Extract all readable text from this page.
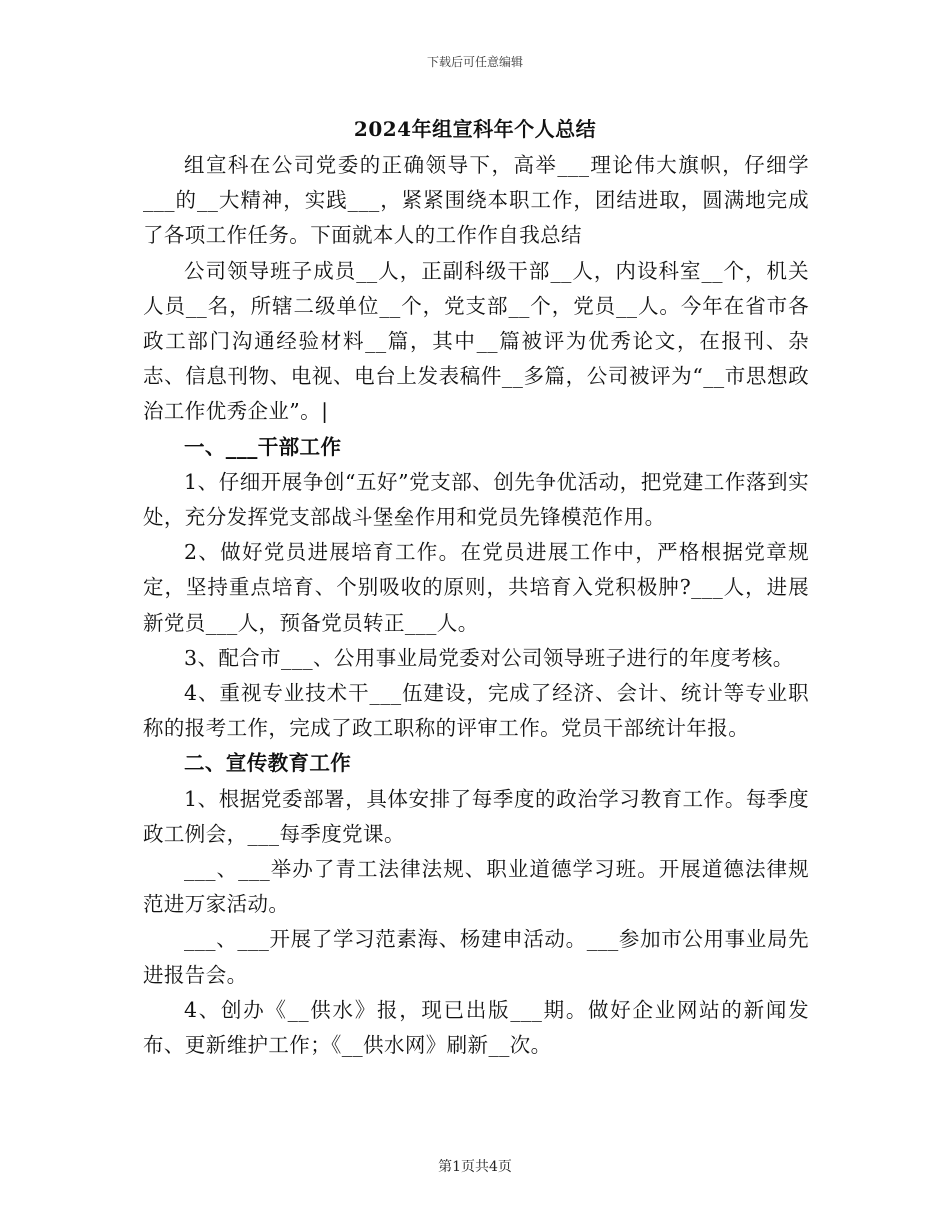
下载后可任意编辑
2024年组宣科年个人总结

组宣科在公司党委的正确领导下，高举___理论伟大旗帜，仔细学___的__大精神，实践___，紧紧围绕本职工作，团结进取，圆满地完成了各项工作任务。下面就本人的工作作自我总结

公司领导班子成员__人，正副科级干部__人，内设科室__个，机关人员__名，所辖二级单位__个，党支部__个，党员__人。今年在省市各政工部门沟通经验材料__篇，其中__篇被评为优秀论文，在报刊、杂志、信息刊物、电视、电台上发表稿件__多篇，公司被评为“__市思想政治工作优秀企业”。|

一、___干部工作

1、仔细开展争创“五好”党支部、创先争优活动，把党建工作落到实处，充分发挥党支部战斗堡垒作用和党员先锋模范作用。

2、做好党员进展培育工作。在党员进展工作中，严格根据党章规定，坚持重点培育、个别吸收的原则，共培育入党积极肿?___人，进展新党员___人，预备党员转正___人。

3、配合市___、公用事业局党委对公司领导班子进行的年度考核。

4、重视专业技术干___伍建设，完成了经济、会计、统计等专业职称的报考工作，完成了政工职称的评审工作。党员干部统计年报。

二、宣传教育工作

1、根据党委部署，具体安排了每季度的政治学习教育工作。每季度政工例会，___每季度党课。

___、___举办了青工法律法规、职业道德学习班。开展道德法律规范进万家活动。

___、___开展了学习范素海、杨建申活动。___参加市公用事业局先进报告会。

4、创办《__供水》报，现已出版___期。做好企业网站的新闻发布、更新维护工作；《__供水网》刷新__次。

第1页共4页
